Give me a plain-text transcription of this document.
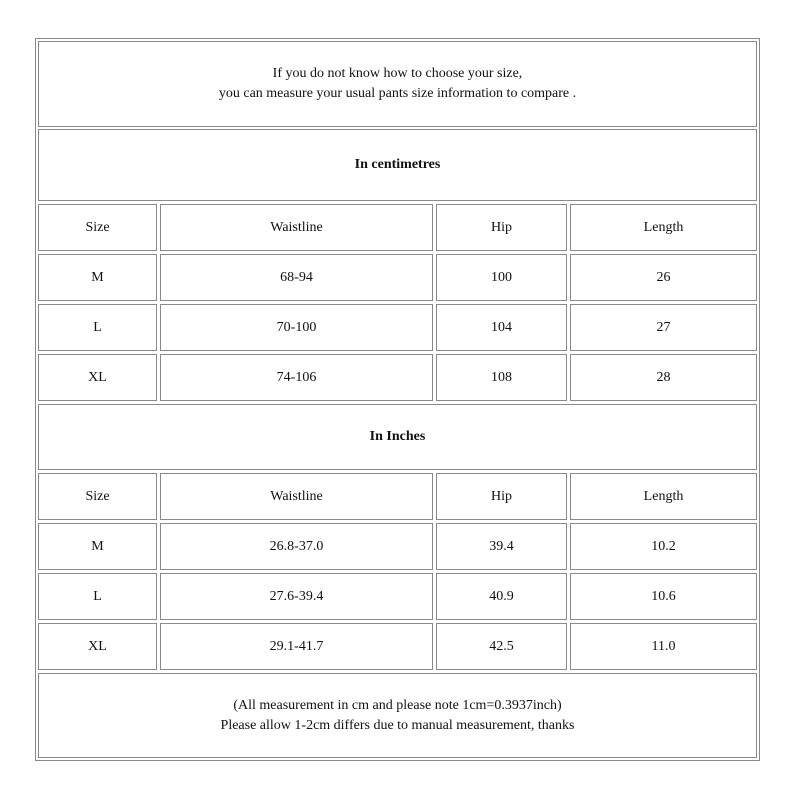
If you do not know how to choose your size,
you can measure your usual pants size information to compare .
In centimetres
Size	Waistline	Hip	Length
M	68-94	100	26
L	70-100	104	27
XL	74-106	108	28
In Inches
Size	Waistline	Hip	Length
M	26.8-37.0	39.4	10.2
L	27.6-39.4	40.9	10.6
XL	29.1-41.7	42.5	11.0
(All measurement in cm and please note 1cm=0.3937inch)
Please allow 1-2cm differs due to manual measurement, thanks
